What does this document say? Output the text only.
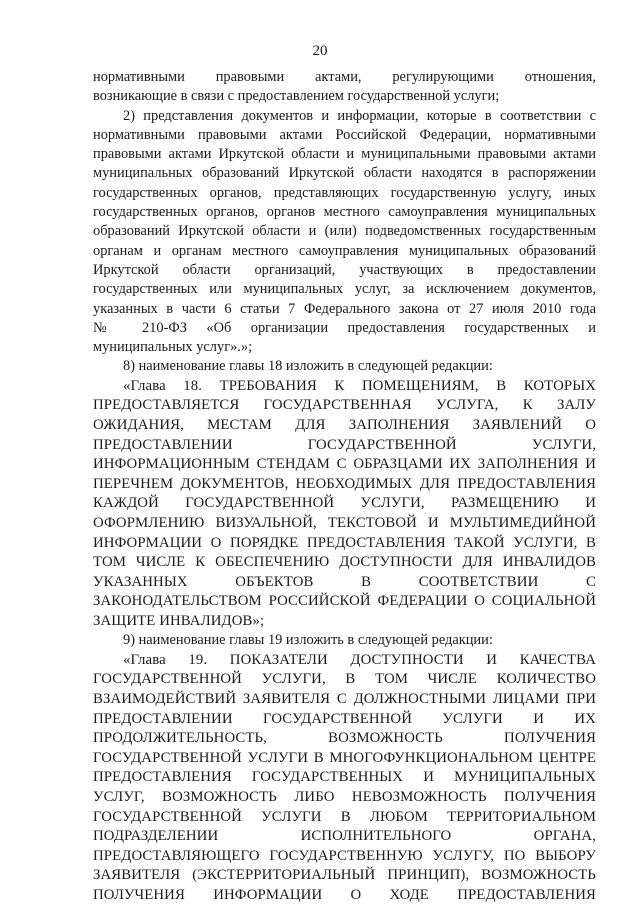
20
нормативными правовыми актами, регулирующими отношения,
возникающие в связи с предоставлением государственной услуги;
2) представления документов и информации, которые в соответствии с
нормативными правовыми актами Российской Федерации, нормативными
правовыми актами Иркутской области и муниципальными правовыми актами
муниципальных образований Иркутской области находятся в распоряжении
государственных органов, представляющих государственную услугу, иных
государственных органов, органов местного самоуправления муниципальных
образований Иркутской области и (или) подведомственных государственным
органам и органам местного самоуправления муниципальных образований
Иркутской области организаций, участвующих в предоставлении
государственных или муниципальных услуг, за исключением документов,
указанных в части 6 статьи 7 Федерального закона от 27 июля 2010 года
№ 210-ФЗ «Об организации предоставления государственных и
муниципальных услуг».»;
8) наименование главы 18 изложить в следующей редакции:
«Глава 18. ТРЕБОВАНИЯ К ПОМЕЩЕНИЯМ, В КОТОРЫХ
ПРЕДОСТАВЛЯЕТСЯ ГОСУДАРСТВЕННАЯ УСЛУГА, К ЗАЛУ
ОЖИДАНИЯ, МЕСТАМ ДЛЯ ЗАПОЛНЕНИЯ ЗАЯВЛЕНИЙ О
ПРЕДОСТАВЛЕНИИ ГОСУДАРСТВЕННОЙ УСЛУГИ,
ИНФОРМАЦИОННЫМ СТЕНДАМ С ОБРАЗЦАМИ ИХ ЗАПОЛНЕНИЯ И
ПЕРЕЧНЕМ ДОКУМЕНТОВ, НЕОБХОДИМЫХ ДЛЯ ПРЕДОСТАВЛЕНИЯ
КАЖДОЙ ГОСУДАРСТВЕННОЙ УСЛУГИ, РАЗМЕЩЕНИЮ И
ОФОРМЛЕНИЮ ВИЗУАЛЬНОЙ, ТЕКСТОВОЙ И МУЛЬТИМЕДИЙНОЙ
ИНФОРМАЦИИ О ПОРЯДКЕ ПРЕДОСТАВЛЕНИЯ ТАКОЙ УСЛУГИ, В
ТОМ ЧИСЛЕ К ОБЕСПЕЧЕНИЮ ДОСТУПНОСТИ ДЛЯ ИНВАЛИДОВ
УКАЗАННЫХ ОБЪЕКТОВ В СООТВЕТСТВИИ С
ЗАКОНОДАТЕЛЬСТВОМ РОССИЙСКОЙ ФЕДЕРАЦИИ О СОЦИАЛЬНОЙ
ЗАЩИТЕ ИНВАЛИДОВ»;
9) наименование главы 19 изложить в следующей редакции:
«Глава 19. ПОКАЗАТЕЛИ ДОСТУПНОСТИ И КАЧЕСТВА
ГОСУДАРСТВЕННОЙ УСЛУГИ, В ТОМ ЧИСЛЕ КОЛИЧЕСТВО
ВЗАИМОДЕЙСТВИЙ ЗАЯВИТЕЛЯ С ДОЛЖНОСТНЫМИ ЛИЦАМИ ПРИ
ПРЕДОСТАВЛЕНИИ ГОСУДАРСТВЕННОЙ УСЛУГИ И ИХ
ПРОДОЛЖИТЕЛЬНОСТЬ, ВОЗМОЖНОСТЬ ПОЛУЧЕНИЯ
ГОСУДАРСТВЕННОЙ УСЛУГИ В МНОГОФУНКЦИОНАЛЬНОМ ЦЕНТРЕ
ПРЕДОСТАВЛЕНИЯ ГОСУДАРСТВЕННЫХ И МУНИЦИПАЛЬНЫХ
УСЛУГ, ВОЗМОЖНОСТЬ ЛИБО НЕВОЗМОЖНОСТЬ ПОЛУЧЕНИЯ
ГОСУДАРСТВЕННОЙ УСЛУГИ В ЛЮБОМ ТЕРРИТОРИАЛЬНОМ
ПОДРАЗДЕЛЕНИИ ИСПОЛНИТЕЛЬНОГО ОРГАНА,
ПРЕДОСТАВЛЯЮЩЕГО ГОСУДАРСТВЕННУЮ УСЛУГУ, ПО ВЫБОРУ
ЗАЯВИТЕЛЯ (ЭКСТЕРРИТОРИАЛЬНЫЙ ПРИНЦИП), ВОЗМОЖНОСТЬ
ПОЛУЧЕНИЯ ИНФОРМАЦИИ О ХОДЕ ПРЕДОСТАВЛЕНИЯ
